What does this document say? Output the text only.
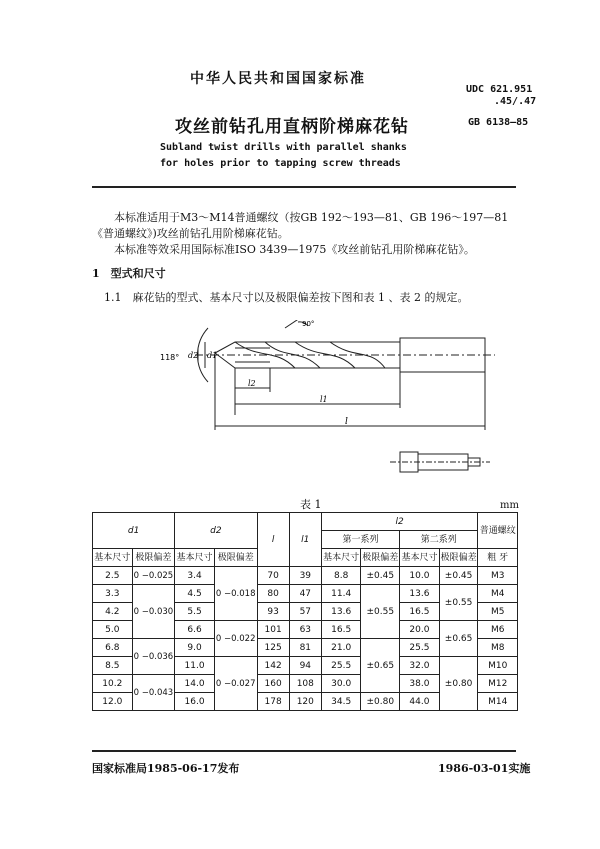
中华人民共和国国家标准
UDC 621.951
.45/.47
GB 6138—85
攻丝前钻孔用直柄阶梯麻花钻
Subland twist drills with parallel shanks
for holes prior to tapping screw threads

本标准适用于M3～M14普通螺纹（按GB 192～193—81、GB 196～197—81《普通螺纹》)攻丝前钻孔用阶梯麻花钻。

本标准等效采用国际标准ISO 3439—1975《攻丝前钻孔用阶梯麻花钻》。

1　型式和尺寸

1.1　麻花钻的型式、基本尺寸以及极限偏差按下图和表 1 、表 2 的规定。

118°
90°
d2 d1
l2
l1
l
表 1	mm
d1		d2		l	l1	l2				普通螺纹
						第一系列		第二系列		
基本尺寸	极限偏差	基本尺寸	极限偏差			基本尺寸	极限偏差	基本尺寸	极限偏差	粗 牙
2.5	0 −0.025	3.4	0 −0.018	70	39	8.8	±0.45	10.0	±0.45	M3
3.3	0 −0.030	4.5		80	47	11.4	±0.55	13.6	±0.55	M4
4.2		5.5		93	57	13.6		16.5		M5
5.0		6.6	0 −0.022	101	63	16.5		20.0	±0.65	M6
6.8	0 −0.036	9.0		125	81	21.0	±0.65	25.5		M8
8.5		11.0	0 −0.027	142	94	25.5		32.0	±0.80	M10
10.2	0 −0.043	14.0		160	108	30.0		38.0		M12
12.0		16.0		178	120	34.5	±0.80	44.0		M14
国家标准局1985-06-17发布	1986-03-01实施
